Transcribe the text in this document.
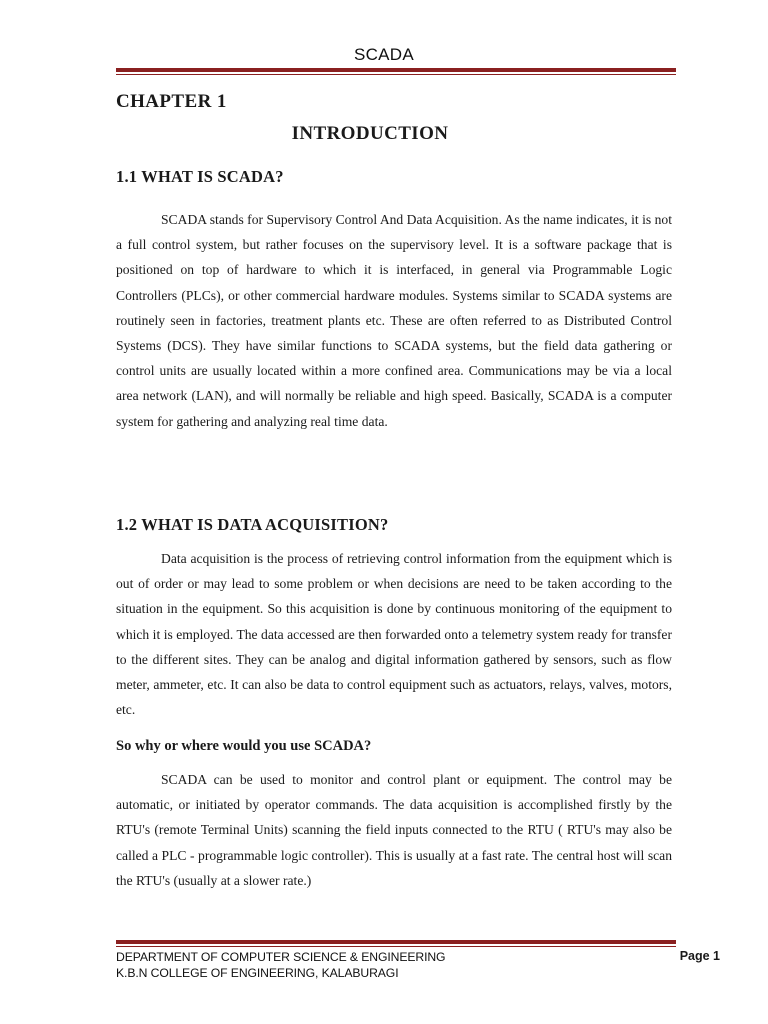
SCADA
CHAPTER 1
INTRODUCTION
1.1 WHAT IS SCADA?

SCADA stands for Supervisory Control And Data Acquisition. As the name indicates, it is not a full control system, but rather focuses on the supervisory level. It is a software package that is positioned on top of hardware to which it is interfaced, in general via Programmable Logic Controllers (PLCs), or other commercial hardware modules. Systems similar to SCADA systems are routinely seen in factories, treatment plants etc. These are often referred to as Distributed Control Systems (DCS). They have similar functions to SCADA systems, but the field data gathering or control units are usually located within a more confined area. Communications may be via a local area network (LAN), and will normally be reliable and high speed. Basically, SCADA is a computer system for gathering and analyzing real time data.

1.2 WHAT IS DATA ACQUISITION?

Data acquisition is the process of retrieving control information from the equipment which is out of order or may lead to some problem or when decisions are need to be taken according to the situation in the equipment. So this acquisition is done by continuous monitoring of the equipment to which it is employed. The data accessed are then forwarded onto a telemetry system ready for transfer to the different sites. They can be analog and digital information gathered by sensors, such as flow meter, ammeter, etc. It can also be data to control equipment such as actuators, relays, valves, motors, etc.

So why or where would you use SCADA?

SCADA can be used to monitor and control plant or equipment. The control may be automatic, or initiated by operator commands. The data acquisition is accomplished firstly by the RTU's (remote Terminal Units) scanning the field inputs connected to the RTU ( RTU's may also be called a PLC - programmable logic controller). This is usually at a fast rate. The central host will scan the RTU's (usually at a slower rate.)

DEPARTMENT OF COMPUTER SCIENCE & ENGINEERING
K.B.N COLLEGE OF ENGINEERING, KALABURAGI
Page 1
